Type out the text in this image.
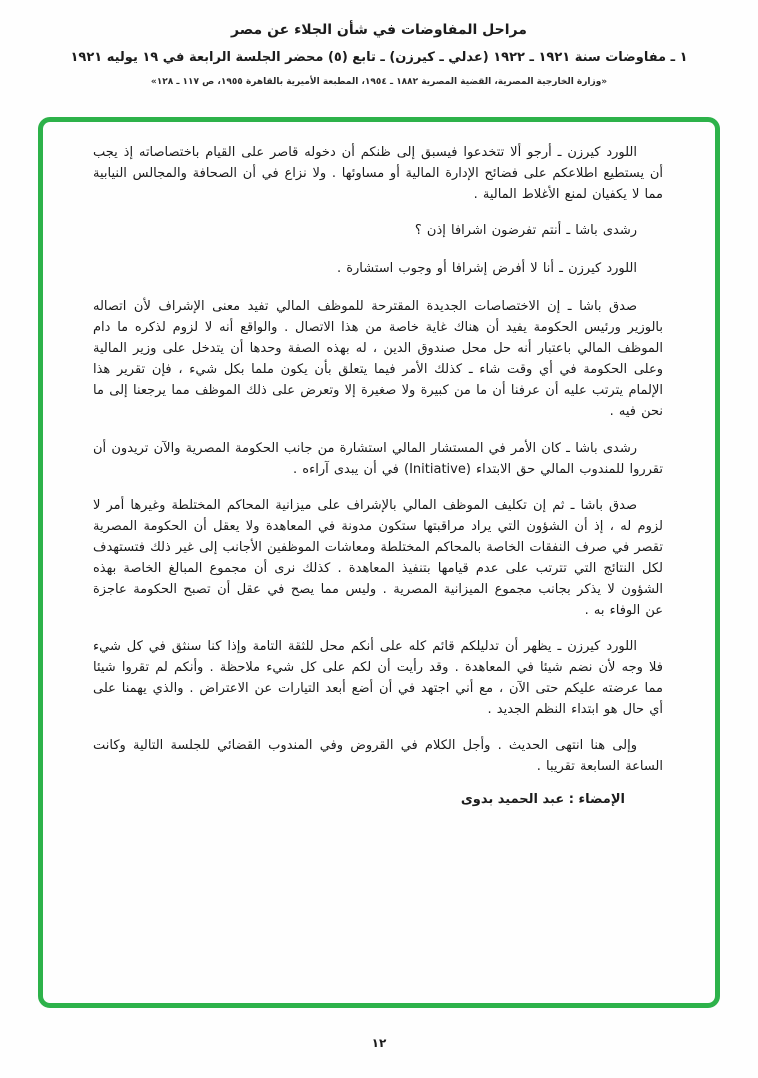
مراحل المفاوضات في شأن الجلاء عن مصر
١ ـ مفاوضات سنة ١٩٢١ ـ ١٩٢٢ (عدلي ـ كيرزن) ـ تابع (٥) محضر الجلسة الرابعة في ١٩ يوليه ١٩٢١
«وزارة الخارجية المصرية، القضية المصرية ١٨٨٢ ـ ١٩٥٤، المطبعة الأميرية بالقاهرة ١٩٥٥، ص ١١٧ ـ ١٢٨»

اللورد كيرزن ـ أرجو ألا تتخدعوا فيسبق إلى ظنكم أن دخوله قاصر على القيام باختصاصاته إذ يجب أن يستطيع اطلاعكم على فضائح الإدارة المالية أو مساوئها . ولا نزاع في أن الصحافة والمجالس النيابية مما لا يكفيان لمنع الأغلاط المالية .

رشدى باشا ـ أنتم تفرضون اشرافا إذن ؟

اللورد كيرزن ـ أنا لا أفرض إشرافا أو وجوب استشارة .

صدق باشا ـ إن الاختصاصات الجديدة المقترحة للموظف المالي تفيد معنى الإشراف لأن اتصاله بالوزير ورئيس الحكومة يفيد أن هناك غاية خاصة من هذا الاتصال . والواقع أنه لا لزوم لذكره ما دام الموظف المالي باعتبار أنه حل محل صندوق الدين ، له بهذه الصفة وحدها أن يتدخل على وزير المالية وعلى الحكومة في أي وقت شاء ـ كذلك الأمر فيما يتعلق بأن يكون ملما بكل شيء ، فإن تقرير هذا الإلمام يترتب عليه أن عرفنا أن ما من كبيرة ولا صغيرة إلا وتعرض على ذلك الموظف مما يرجعنا إلى ما نحن فيه .

رشدى باشا ـ كان الأمر في المستشار المالي استشارة من جانب الحكومة المصرية والآن تريدون أن تقرروا للمندوب المالي حق الابتداء (Initiative) في أن يبدى آراءه .

صدق باشا ـ ثم إن تكليف الموظف المالي بالإشراف على ميزانية المحاكم المختلطة وغيرها أمر لا لزوم له ، إذ أن الشؤون التي يراد مراقبتها ستكون مدونة في المعاهدة ولا يعقل أن الحكومة المصرية تقصر في صرف النفقات الخاصة بالمحاكم المختلطة ومعاشات الموظفين الأجانب إلى غير ذلك فتستهدف لكل النتائج التي تترتب على عدم قيامها بتنفيذ المعاهدة . كذلك نرى أن مجموع المبالغ الخاصة بهذه الشؤون لا يذكر بجانب مجموع الميزانية المصرية . وليس مما يصح في عقل أن تصبح الحكومة عاجزة عن الوفاء به .

اللورد كيرزن ـ يظهر أن تدليلكم قائم كله على أنكم محل للثقة التامة وإذا كنا سنثق في كل شيء فلا وجه لأن نضم شيئا في المعاهدة . وقد رأيت أن لكم على كل شيء ملاحظة . وأنكم لم تقروا شيئا مما عرضته عليكم حتى الآن ، مع أني اجتهد في أن أضع أبعد التيارات عن الاعتراض . والذي يهمنا على أي حال هو ابتداء النظم الجديد .

وإلى هنا انتهى الحديث . وأجل الكلام في القروض وفي المندوب القضائي للجلسة التالية وكانت الساعة السابعة تقريبا .

الإمضاء : عبد الحميد بدوى
١٢
